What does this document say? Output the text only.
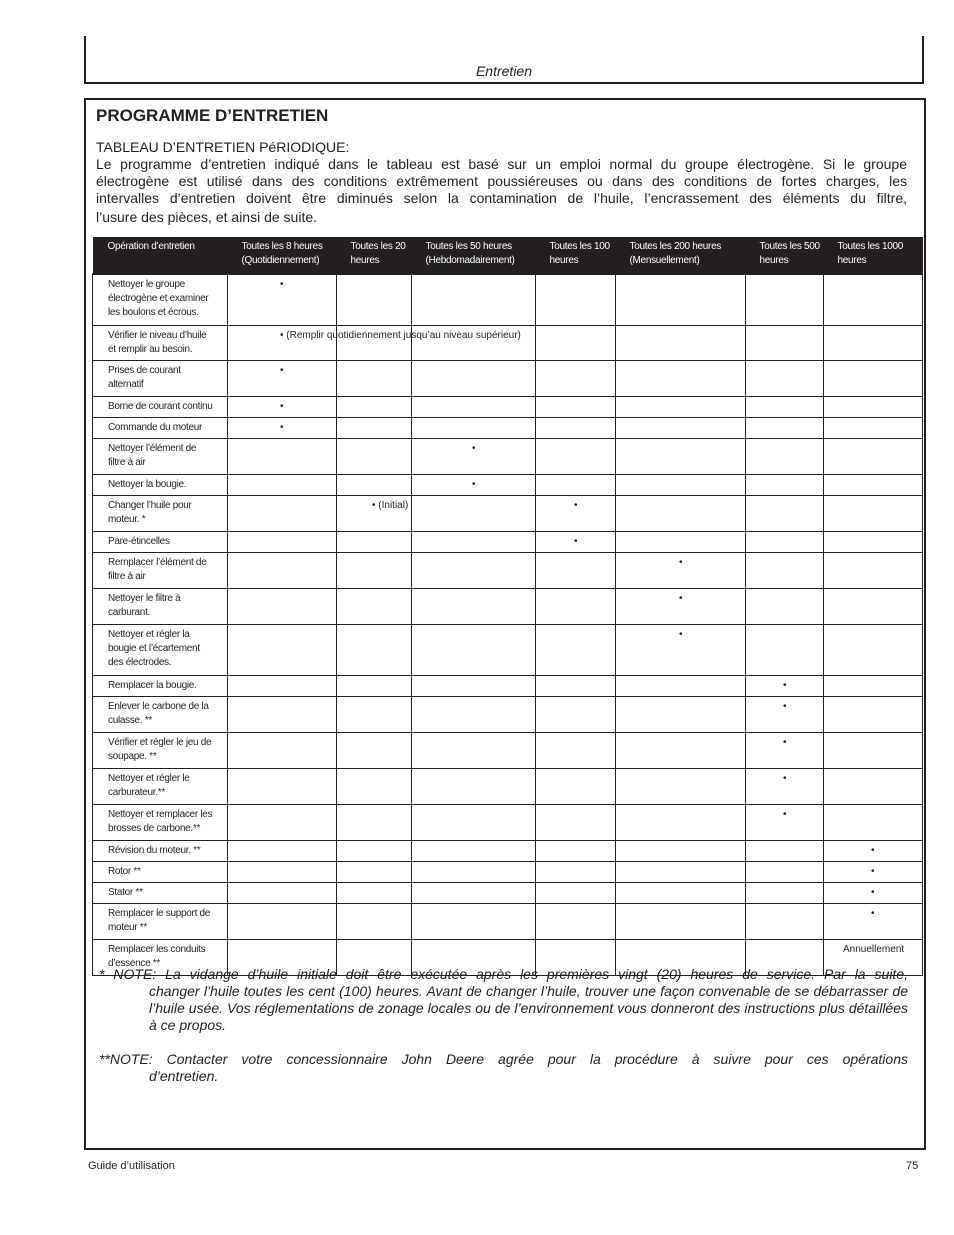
Entretien
PROGRAMME D’ENTRETIEN
TABLEAU D’ENTRETIEN PéRIODIQUE:
Le programme d’entretien indiqué dans le tableau est basé sur un emploi normal du groupe électrogène. Si le groupe
électrogène est utilisé dans des conditions extrêmement poussiéreuses ou dans des conditions de fortes charges, les
intervalles d’entretien doivent être diminués selon la contamination de l’huile, l’encrassement des éléments du filtre,
l’usure des pièces, et ainsi de suite.
Opération d’entretien	Toutes les 8 heures (Quotidiennement)	Toutes les 20 heures	Toutes les 50 heures (Hebdomadairement)	Toutes les 100 heures	Toutes les 200 heures (Mensuellement)	Toutes les 500 heures	Toutes les 1000 heures
Nettoyer le groupe électrogène et examiner les boulons et écrous.	•						

Vérifier le niveau d’huile et remplir au besoin.	• (Remplir quotidiennement jusqu’au niveau supérieur)						

Prises de courant alternatif	•						

Borne de courant continu	•						

Commande du moteur	•						

Nettoyer l’élément de filtre à air			•				

Nettoyer la bougie.			•				

Changer l’huile pour moteur. *		• (Initial)		•			

Pare-étincelles				•			

Remplacer l’élément de filtre à air					•		

Nettoyer le filtre à carburant.					•		

Nettoyer et régler la bougie et l’écartement des électrodes.					•		

Remplacer la bougie.						•	

Enlever le carbone de la culasse. **						•	

Vérifier et régler le jeu de soupape. **						•	

Nettoyer et régler le carburateur.**						•	

Nettoyer et remplacer les brosses de carbone.**						•	

Révision du moteur. **							•

Rotor **							•

Stator **							•

Remplacer le support de moteur **							•

Remplacer les conduits d’essence **							Annuellement
* NOTE: La vidange d’huile initiale doit être exécutée après les premières vingt (20) heures de service. Par la suite,
changer l’huile toutes les cent (100) heures. Avant de changer l’huile, trouver une façon convenable de se débarrasser de l’huile usée. Vos réglementations de zonage locales ou de l’environnement vous donneront des instructions plus détaillées à ce propos.
**NOTE: Contacter votre concessionnaire John Deere agrée pour la procédure à suivre pour ces opérations
d’entretien.
Guide d’utilisation	75
